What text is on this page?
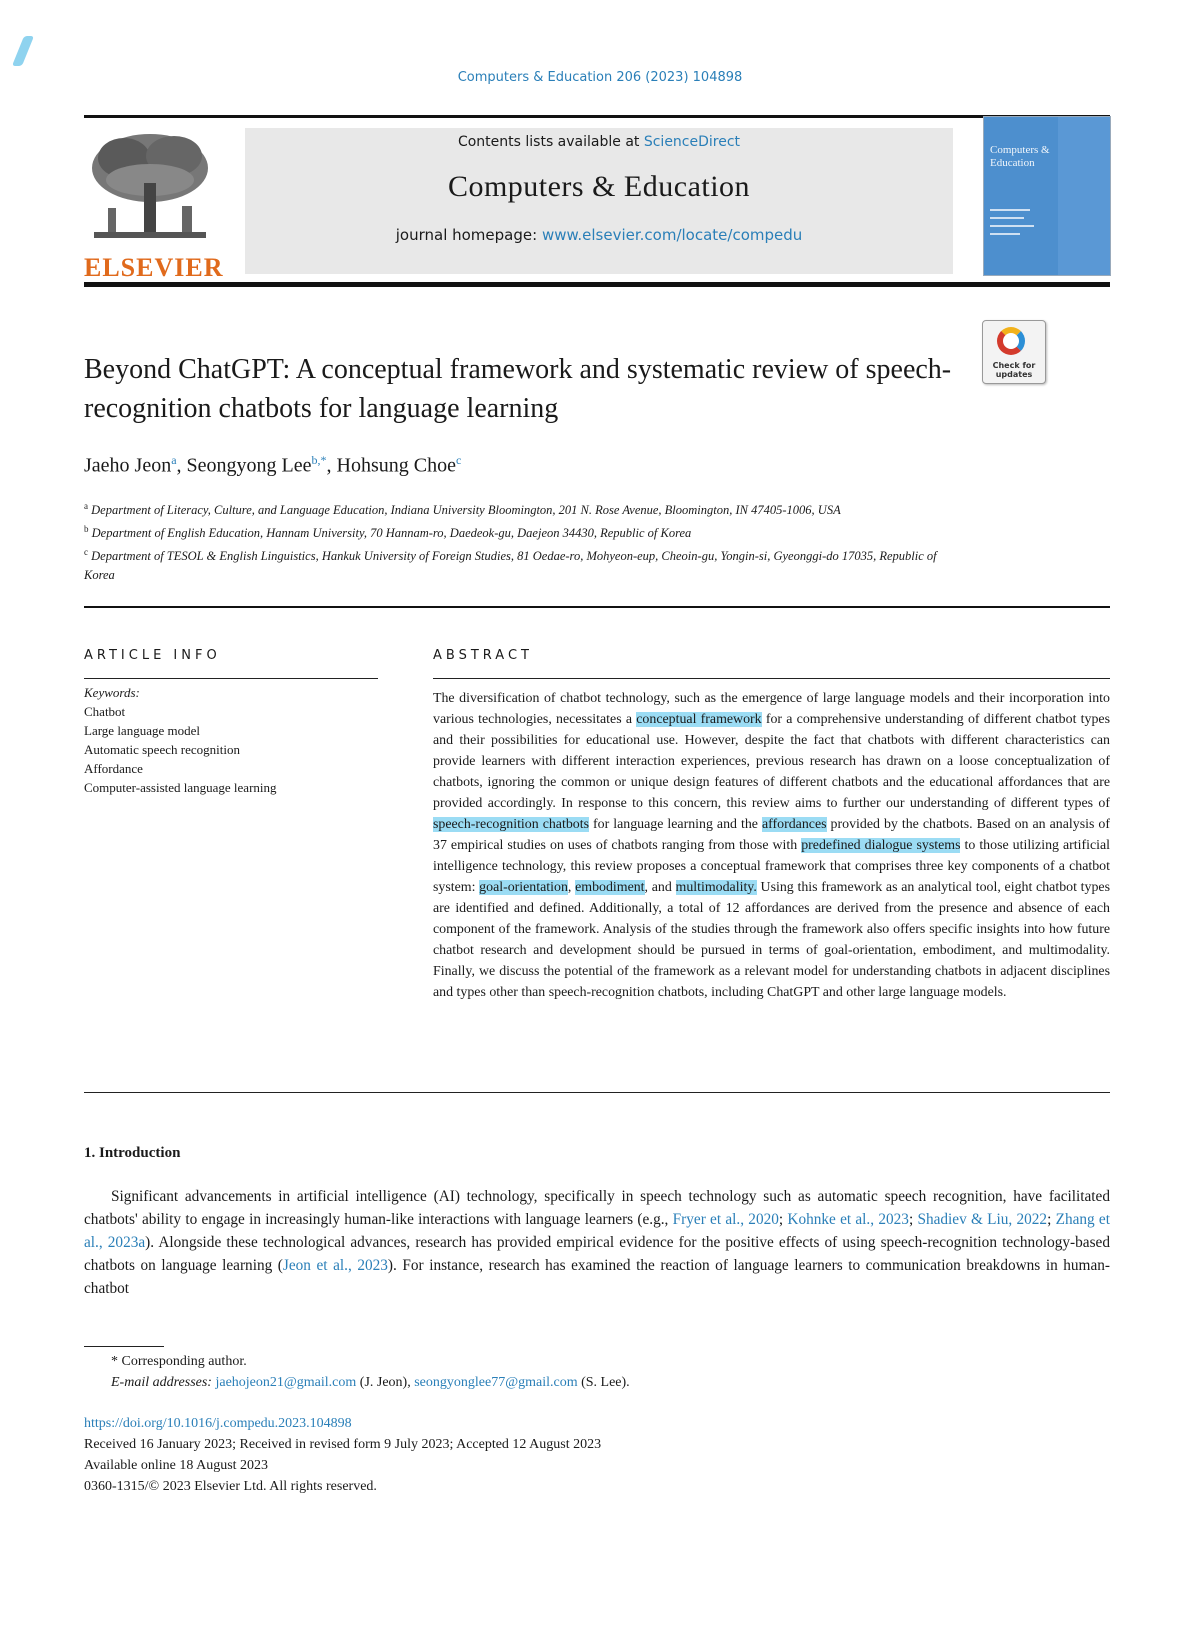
Computers & Education 206 (2023) 104898
ELSEVIER
Contents lists available at ScienceDirect
Computers & Education
journal homepage: www.elsevier.com/locate/compedu
Computers & Education
Check for updates
Beyond ChatGPT: A conceptual framework and systematic review of speech-recognition chatbots for language learning
Jaeho Jeon$^a$, Seongyong Lee$^{b,*}$, Hohsung Choe$^c$
$^a$ Department of Literacy, Culture, and Language Education, Indiana University Bloomington, 201 N. Rose Avenue, Bloomington, IN 47405-1006, USA
$^b$ Department of English Education, Hannam University, 70 Hannam-ro, Daedeok-gu, Daejeon 34430, Republic of Korea
$^c$ Department of TESOL & English Linguistics, Hankuk University of Foreign Studies, 81 Oedae-ro, Mohyeon-eup, Cheoin-gu, Yongin-si, Gyeonggi-do 17035, Republic of Korea
ARTICLE INFO	ABSTRACT
Keywords:
Chatbot
Large language model
Automatic speech recognition
Affordance
Computer-assisted language learning
The diversification of chatbot technology, such as the emergence of large language models and their incorporation into various technologies, necessitates a conceptual framework for a comprehensive understanding of different chatbot types and their possibilities for educational use. However, despite the fact that chatbots with different characteristics can provide learners with different interaction experiences, previous research has drawn on a loose conceptualization of chatbots, ignoring the common or unique design features of different chatbots and the educational affordances that are provided accordingly. In response to this concern, this review aims to further our understanding of different types of speech-recognition chatbots for language learning and the affordances provided by the chatbots. Based on an analysis of 37 empirical studies on uses of chatbots ranging from those with predefined dialogue systems to those utilizing artificial intelligence technology, this review proposes a conceptual framework that comprises three key components of a chatbot system: goal-orientation, embodiment, and multimodality. Using this framework as an analytical tool, eight chatbot types are identified and defined. Additionally, a total of 12 affordances are derived from the presence and absence of each component of the framework. Analysis of the studies through the framework also offers specific insights into how future chatbot research and development should be pursued in terms of goal-orientation, embodiment, and multimodality. Finally, we discuss the potential of the framework as a relevant model for understanding chatbots in adjacent disciplines and types other than speech-recognition chatbots, including ChatGPT and other large language models.
1. Introduction
Significant advancements in artificial intelligence (AI) technology, specifically in speech technology such as automatic speech recognition, have facilitated chatbots' ability to engage in increasingly human-like interactions with language learners (e.g., Fryer et al., 2020; Kohnke et al., 2023; Shadiev & Liu, 2022; Zhang et al., 2023a). Alongside these technological advances, research has provided empirical evidence for the positive effects of using speech-recognition technology-based chatbots on language learning (Jeon et al., 2023). For instance, research has examined the reaction of language learners to communication breakdowns in human-chatbot
* Corresponding author.
E-mail addresses: jaehojeon21@gmail.com (J. Jeon), seongyonglee77@gmail.com (S. Lee).
https://doi.org/10.1016/j.compedu.2023.104898
Received 16 January 2023; Received in revised form 9 July 2023; Accepted 12 August 2023
Available online 18 August 2023
0360-1315/© 2023 Elsevier Ltd. All rights reserved.
